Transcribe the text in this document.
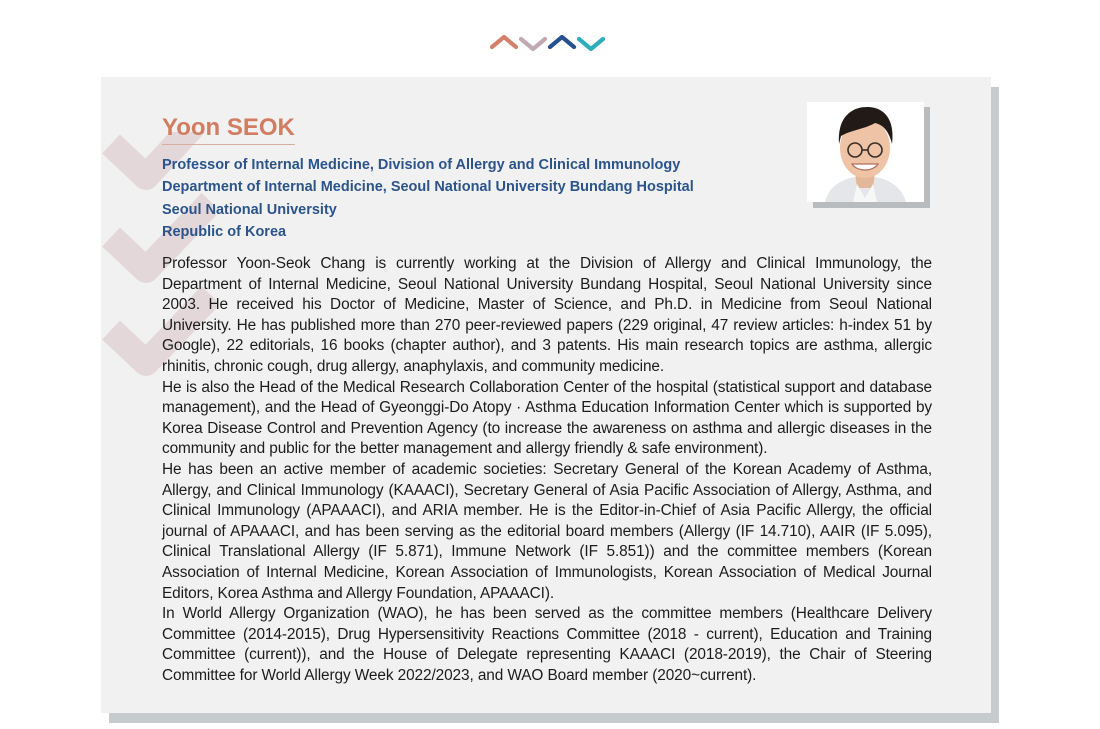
Yoon SEOK
Professor of Internal Medicine, Division of Allergy and Clinical Immunology
Department of Internal Medicine, Seoul National University Bundang Hospital
Seoul National University
Republic of Korea

Professor Yoon-Seok Chang is currently working at the Division of Allergy and Clinical Immunology, the Department of Internal Medicine, Seoul National University Bundang Hospital, Seoul National University since 2003. He received his Doctor of Medicine, Master of Science, and Ph.D. in Medicine from Seoul National University. He has published more than 270 peer-reviewed papers (229 original, 47 review articles: h-index 51 by Google), 22 editorials, 16 books (chapter author), and 3 patents. His main research topics are asthma, allergic rhinitis, chronic cough, drug allergy, anaphylaxis, and community medicine.

He is also the Head of the Medical Research Collaboration Center of the hospital (statistical support and database management), and the Head of Gyeonggi-Do Atopy · Asthma Education Information Center which is supported by Korea Disease Control and Prevention Agency (to increase the awareness on asthma and allergic diseases in the community and public for the better management and allergy friendly & safe environment).

He has been an active member of academic societies: Secretary General of the Korean Academy of Asthma, Allergy, and Clinical Immunology (KAAACI), Secretary General of Asia Pacific Association of Allergy, Asthma, and Clinical Immunology (APAAACI), and ARIA member. He is the Editor-in-Chief of Asia Pacific Allergy, the official journal of APAAACI, and has been serving as the editorial board members (Allergy (IF 14.710), AAIR (IF 5.095), Clinical Translational Allergy (IF 5.871), Immune Network (IF 5.851)) and the committee members (Korean Association of Internal Medicine, Korean Association of Immunologists, Korean Association of Medical Journal Editors, Korea Asthma and Allergy Foundation, APAAACI).

In World Allergy Organization (WAO), he has been served as the committee members (Healthcare Delivery Committee (2014-2015), Drug Hypersensitivity Reactions Committee (2018 - current), Education and Training Committee (current)), and the House of Delegate representing KAAACI (2018-2019), the Chair of Steering Committee for World Allergy Week 2022/2023, and WAO Board member (2020~current).
